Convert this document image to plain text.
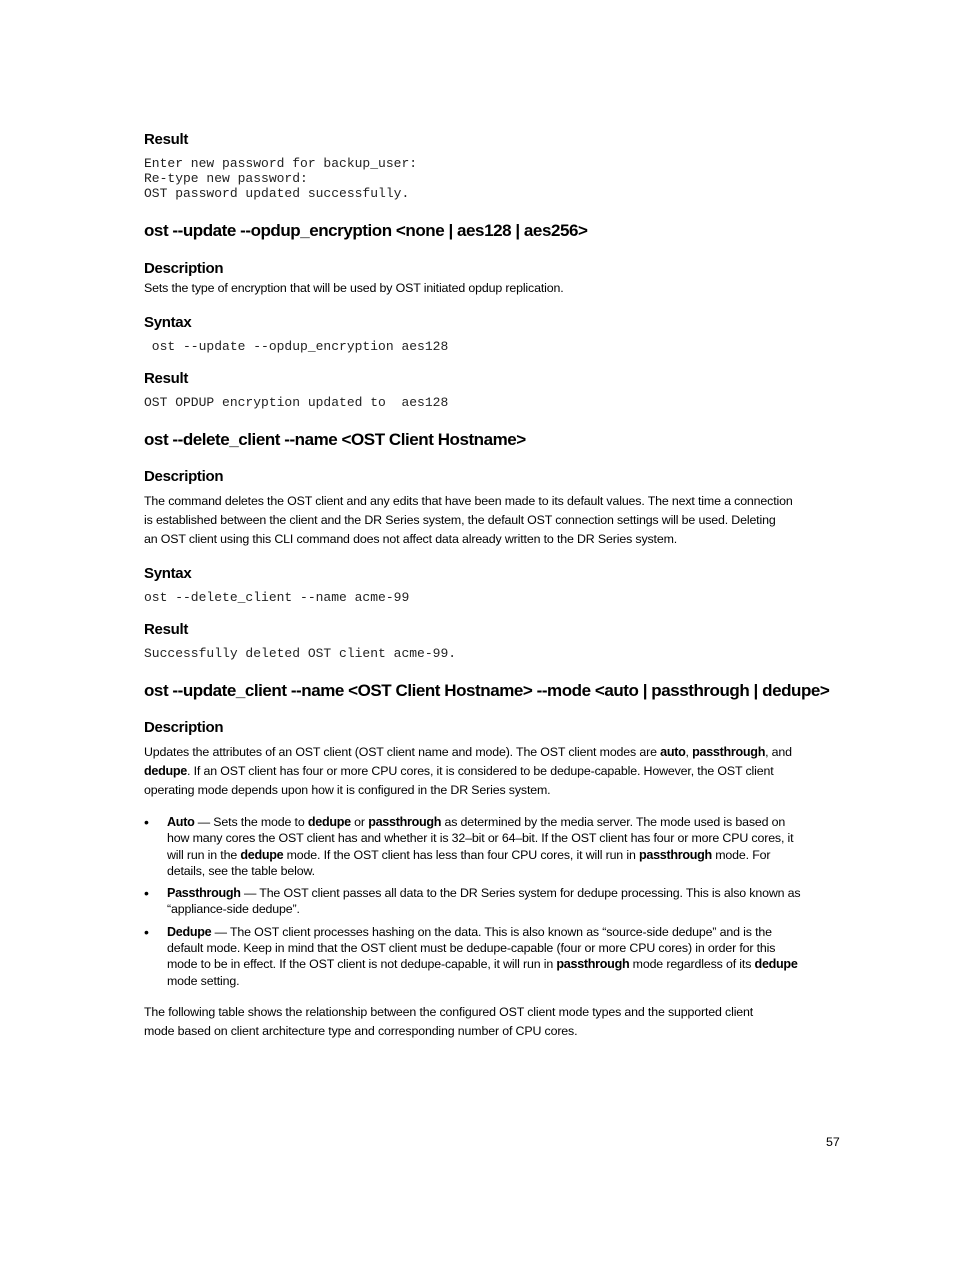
Result
Enter new password for backup_user:
Re-type new password:
OST password updated successfully.
ost --update --opdup_encryption <none | aes128 | aes256>
Description
Sets the type of encryption that will be used by OST initiated opdup replication.
Syntax
ost --update --opdup_encryption aes128
Result
OST OPDUP encryption updated to  aes128
ost --delete_client --name <OST Client Hostname>
Description
The command deletes the OST client and any edits that have been made to its default values. The next time a connection
is established between the client and the DR Series system, the default OST connection settings will be used. Deleting
an OST client using this CLI command does not affect data already written to the DR Series system.
Syntax
ost --delete_client --name acme-99
Result
Successfully deleted OST client acme-99.
ost --update_client --name <OST Client Hostname> --mode <auto | passthrough | dedupe>
Description
Updates the attributes of an OST client (OST client name and mode). The OST client modes are auto, passthrough, and
dedupe. If an OST client has four or more CPU cores, it is considered to be dedupe-capable. However, the OST client
operating mode depends upon how it is configured in the DR Series system.
• Auto — Sets the mode to dedupe or passthrough as determined by the media server. The mode used is based on
how many cores the OST client has and whether it is 32–bit or 64–bit. If the OST client has four or more CPU cores, it
will run in the dedupe mode. If the OST client has less than four CPU cores, it will run in passthrough mode. For
details, see the table below.
• Passthrough — The OST client passes all data to the DR Series system for dedupe processing. This is also known as
“appliance-side dedupe”.
• Dedupe — The OST client processes hashing on the data. This is also known as “source-side dedupe” and is the
default mode. Keep in mind that the OST client must be dedupe-capable (four or more CPU cores) in order for this
mode to be in effect. If the OST client is not dedupe-capable, it will run in passthrough mode regardless of its dedupe
mode setting.
The following table shows the relationship between the configured OST client mode types and the supported client
mode based on client architecture type and corresponding number of CPU cores.
57
